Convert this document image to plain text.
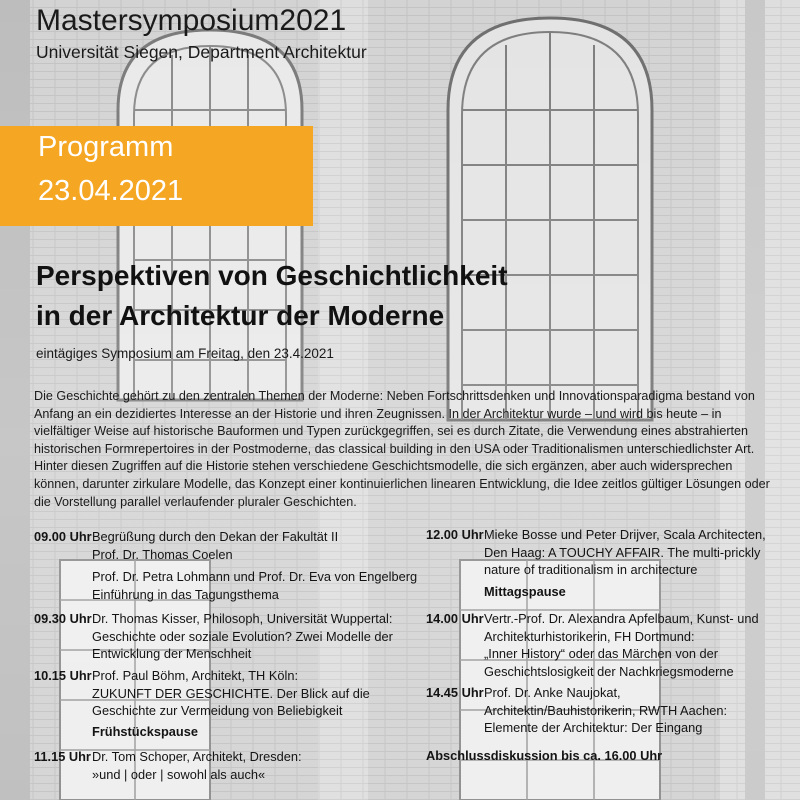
Mastersymposium2021
Universität Siegen, Department Architektur
Programm
23.04.2021
Perspektiven von Geschichtlichkeit
in der Architektur der Moderne
eintägiges Symposium am Freitag, den 23.4.2021
Die Geschichte gehört zu den zentralen Themen der Moderne: Neben Fortschrittsdenken und Innovationsparadigma bestand von Anfang an ein dezidiertes Interesse an der Historie und ihren Zeugnissen. In der Architektur wurde – und wird bis heute – in vielfältiger Weise auf historische Bauformen und Typen zurückgegriffen, sei es durch Zitate, die Verwendung eines abstrahierten historischen Formrepertoires in der Postmoderne, das classical building in den USA oder Traditionalismen unterschiedlichster Art. Hinter diesen Zugriffen auf die Historie stehen verschiedene Geschichtsmodelle, die sich ergänzen, aber auch widersprechen können, darunter zirkulare Modelle, das Konzept einer kontinuierlichen linearen Entwicklung, die Idee zeitlos gültiger Lösungen oder die Vorstellung parallel verlaufender pluraler Geschichten.
09.00 Uhr Begrüßung durch den Dekan der Fakultät II
Prof. Dr. Thomas Coelen
Prof. Dr. Petra Lohmann und Prof. Dr. Eva von Engelberg
Einführung in das Tagungsthema
09.30 Uhr Dr. Thomas Kisser, Philosoph, Universität Wuppertal:
Geschichte oder soziale Evolution? Zwei Modelle der
Entwicklung der Menschheit
10.15 Uhr Prof. Paul Böhm, Architekt, TH Köln:
ZUKUNFT DER GESCHICHTE. Der Blick auf die
Geschichte zur Vermeidung von Beliebigkeit
Frühstückspause
11.15 Uhr Dr. Tom Schoper, Architekt, Dresden:
»und | oder | sowohl als auch«
12.00 Uhr Mieke Bosse und Peter Drijver, Scala Architecten,
Den Haag: A TOUCHY AFFAIR. The multi-prickly
nature of traditionalism in architecture
Mittagspause
14.00 Uhr Vertr.-Prof. Dr. Alexandra Apfelbaum, Kunst- und
Architekturhistorikerin, FH Dortmund:
„Inner History“ oder das Märchen von der
Geschichtslosigkeit der Nachkriegsmoderne
14.45 Uhr Prof. Dr. Anke Naujokat,
Architektin/Bauhistorikerin, RWTH Aachen:
Elemente der Architektur: Der Eingang
Abschlussdiskussion bis ca. 16.00 Uhr
